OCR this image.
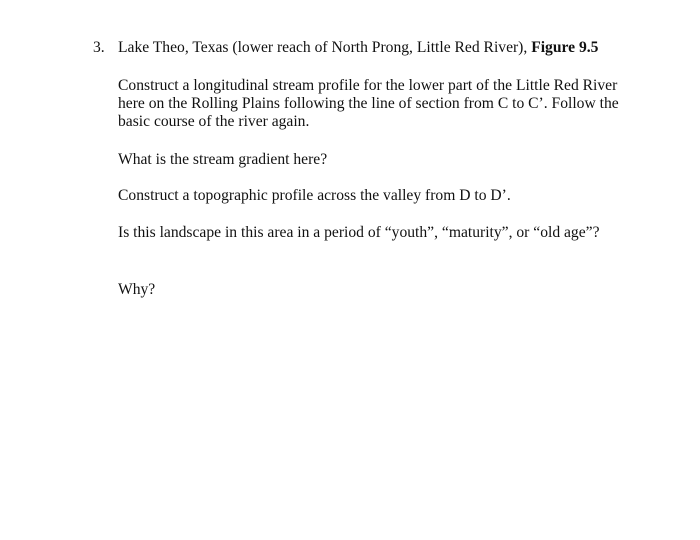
3. Lake Theo, Texas (lower reach of North Prong, Little Red River), Figure 9.5

Construct a longitudinal stream profile for the lower part of the Little Red River
here on the Rolling Plains following the line of section from C to C’. Follow the
basic course of the river again.

What is the stream gradient here?

Construct a topographic profile across the valley from D to D’.

Is this landscape in this area in a period of “youth”, “maturity”, or “old age”?

Why?
